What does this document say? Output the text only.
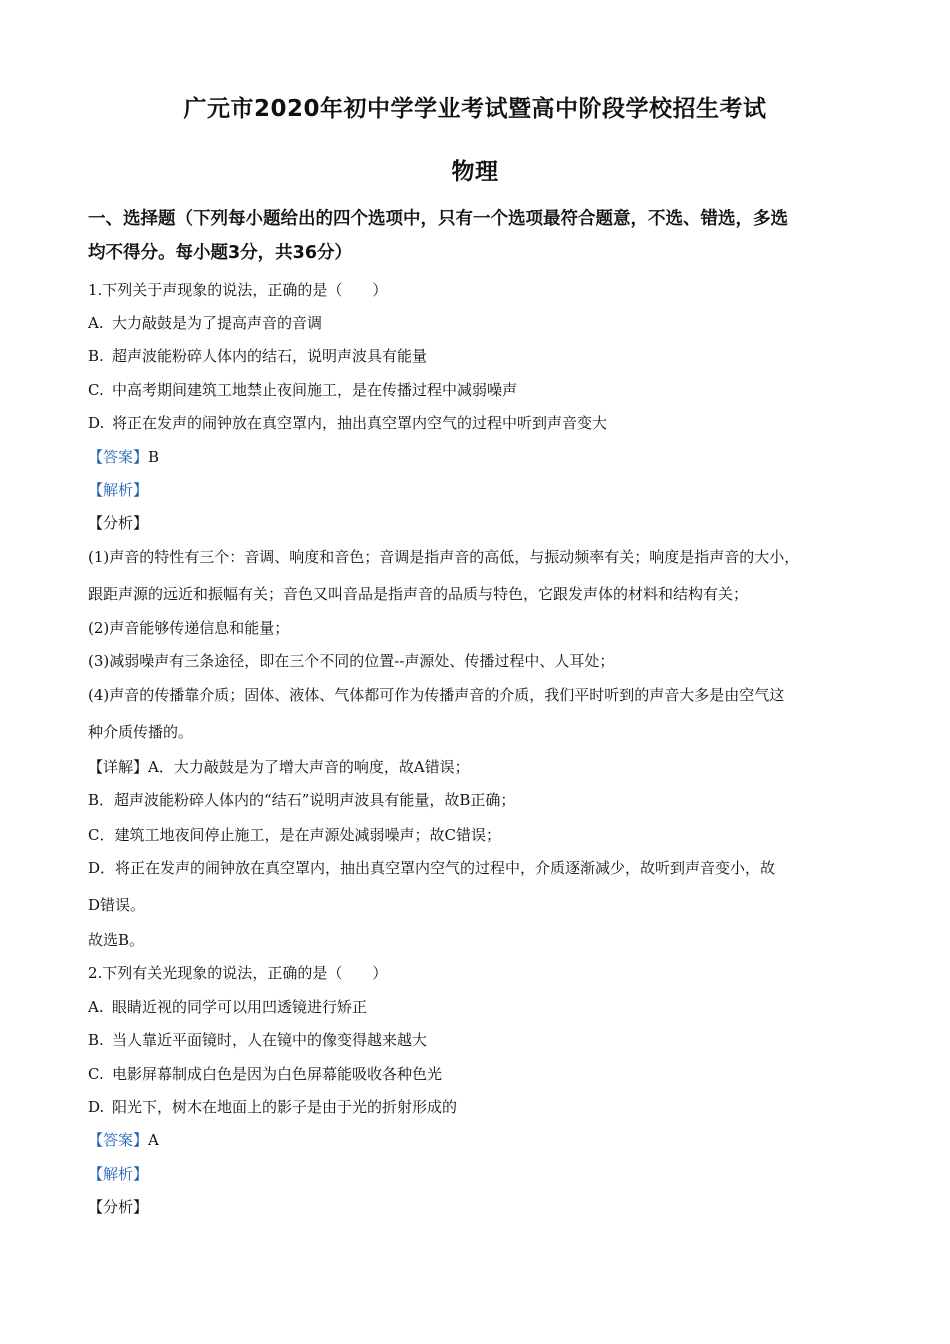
广元市2020年初中学学业考试暨高中阶段学校招生考试
物理
一、选择题（下列每小题给出的四个选项中，只有一个选项最符合题意，不选、错选，多选
均不得分。每小题3分，共36分）
1.下列关于声现象的说法，正确的是（　　）
A. 大力敲鼓是为了提高声音的音调
B. 超声波能粉碎人体内的结石，说明声波具有能量
C. 中高考期间建筑工地禁止夜间施工，是在传播过程中减弱噪声
D. 将正在发声的闹钟放在真空罩内，抽出真空罩内空气的过程中听到声音变大
【答案】B
【解析】
【分析】
(1)声音的特性有三个：音调、响度和音色；音调是指声音的高低，与振动频率有关；响度是指声音的大小，
跟距声源的远近和振幅有关；音色又叫音品是指声音的品质与特色，它跟发声体的材料和结构有关；
(2)声音能够传递信息和能量；
(3)减弱噪声有三条途径，即在三个不同的位置--声源处、传播过程中、人耳处；
(4)声音的传播靠介质；固体、液体、气体都可作为传播声音的介质，我们平时听到的声音大多是由空气这
种介质传播的。
【详解】A．大力敲鼓是为了增大声音的响度，故A错误；
B．超声波能粉碎人体内的“结石”说明声波具有能量，故B正确；
C．建筑工地夜间停止施工，是在声源处减弱噪声；故C错误；
D．将正在发声的闹钟放在真空罩内，抽出真空罩内空气的过程中，介质逐渐减少，故听到声音变小，故
D错误。
故选B。
2.下列有关光现象的说法，正确的是（　　）
A. 眼睛近视的同学可以用凹透镜进行矫正
B. 当人靠近平面镜时，人在镜中的像变得越来越大
C. 电影屏幕制成白色是因为白色屏幕能吸收各种色光
D. 阳光下，树木在地面上的影子是由于光的折射形成的
【答案】A
【解析】
【分析】
